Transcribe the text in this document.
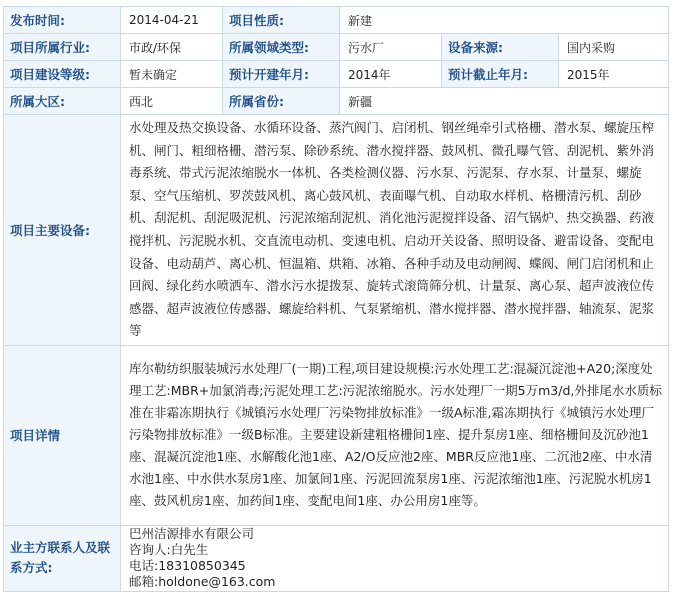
发布时间:	2014-04-21	项目性质:	新建		
项目所属行业:	市政/环保	所属领域类型:	污水厂	设备来源:	国内采购
项目建设等级:	暂未确定	预计开建年月:	2014年	预计截止年月:	2015年
所属大区:	西北	所属省份:	新疆		
项目主要设备:	水处理及热交换设备、水循环设备、蒸汽阀门、启闭机、钢丝绳牵引式格栅、潜水泵、螺旋压榨机、闸门、粗细格栅、潜污泵、除砂系统、潜水搅拌器、鼓风机、微孔曝气管、刮泥机、紫外消毒系统、带式污泥浓缩脱水一体机、各类检测仪器、污水泵、污泥泵、存水泵、计量泵、螺旋泵、空气压缩机、罗茨鼓风机、离心鼓风机、表面曝气机、自动取水样机、格栅清污机、刮砂机、刮泥机、刮泥吸泥机、污泥浓缩刮泥机、消化池污泥搅拌设备、沼气锅炉、热交换器、药液搅拌机、污泥脱水机、交直流电动机、变速电机、启动开关设备、照明设备、避雷设备、变配电设备、电动葫芦、离心机、恒温箱、烘箱、冰箱、各种手动及电动闸阀、蝶阀、闸门启闭机和止回阀、绿化药水喷洒车、潜水污水提拨泵、旋转式滚筒筛分机、计量泵、离心泵、超声波液位传感器、超声波液位传感器、螺旋给料机、气泵紧缩机、潜水搅拌器、潜水搅拌器、轴流泵、泥浆等				
项目详情	库尔勒纺织服装城污水处理厂(一期)工程,项目建设规模:污水处理工艺:混凝沉淀池+A20;深度处理工艺:MBR+加氯消毒;污泥处理工艺:污泥浓缩脱水。污水处理厂一期5万m3/d,外排尾水水质标准在非霜冻期执行《城镇污水处理厂污染物排放标准》一级A标准,霜冻期执行《城镇污水处理厂污染物排放标准》一级B标准。主要建设新建粗格栅间1座、提升泵房1座、细格栅间及沉砂池1座、混凝沉淀池1座、水解酸化池1座、A2/O反应池2座、MBR反应池1座、二沉池2座、中水清水池1座、中水供水泵房1座、加氯间1座、污泥回流泵房1座、污泥浓缩池1座、污泥脱水机房1座、鼓风机房1座、加药间1座、变配电间1座、办公用房1座等。				
业主方联系人及联系方式:	巴州洁源排水有限公司
咨询人:白先生
电话:18310850345
邮箱:holdone@163.com				
